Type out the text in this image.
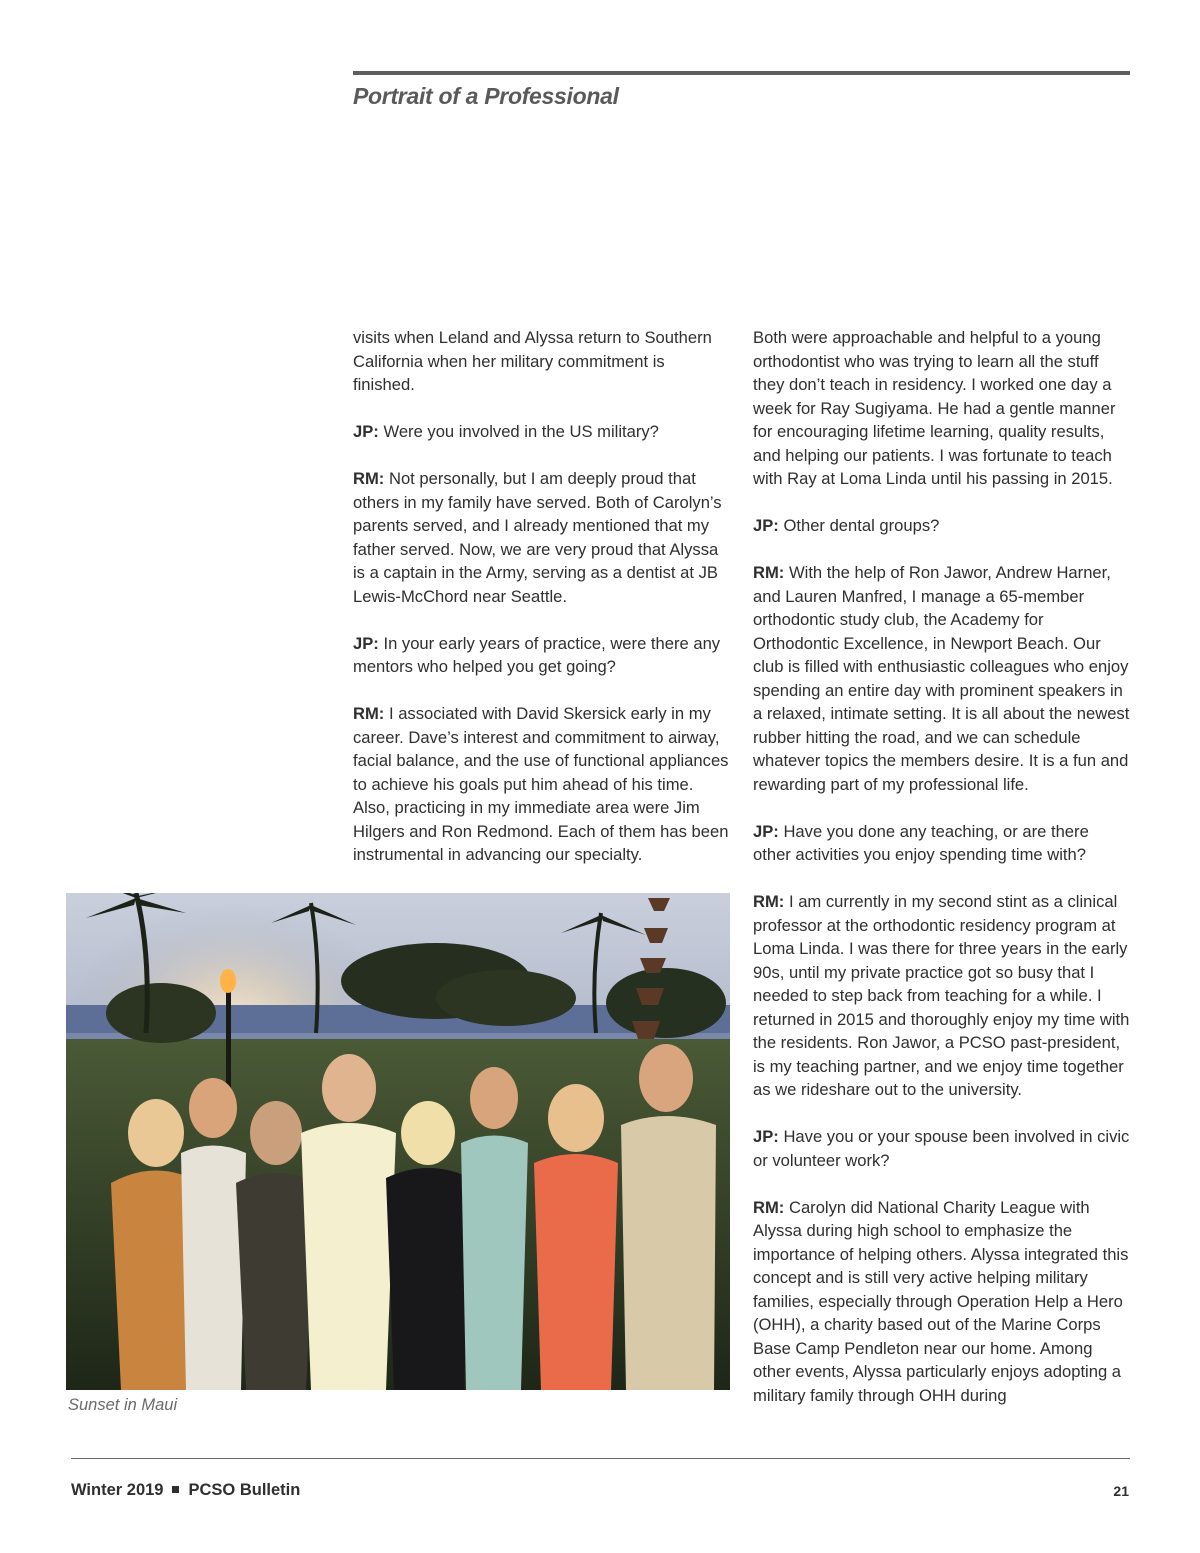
Portrait of a Professional

visits when Leland and Alyssa return to Southern California when her military commitment is finished.

JP: Were you involved in the US military?

RM: Not personally, but I am deeply proud that others in my family have served. Both of Carolyn’s parents served, and I already mentioned that my father served. Now, we are very proud that Alyssa is a captain in the Army, serving as a dentist at JB Lewis-McChord near Seattle.

JP: In your early years of practice, were there any mentors who helped you get going?

RM: I associated with David Skersick early in my career. Dave’s interest and commitment to airway, facial balance, and the use of functional appliances to achieve his goals put him ahead of his time. Also, practicing in my immediate area were Jim Hilgers and Ron Redmond. Each of them has been instrumental in advancing our specialty.

Both were approachable and helpful to a young orthodontist who was trying to learn all the stuff they don’t teach in residency. I worked one day a week for Ray Sugiyama. He had a gentle manner for encouraging lifetime learning, quality results, and helping our patients. I was fortunate to teach with Ray at Loma Linda until his passing in 2015.

JP: Other dental groups?

RM: With the help of Ron Jawor, Andrew Harner, and Lauren Manfred, I manage a 65-member orthodontic study club, the Academy for Orthodontic Excellence, in Newport Beach. Our club is filled with enthusiastic colleagues who enjoy spending an entire day with prominent speakers in a relaxed, intimate setting. It is all about the newest rubber hitting the road, and we can schedule whatever topics the members desire. It is a fun and rewarding part of my professional life.

JP: Have you done any teaching, or are there other activities you enjoy spending time with?

RM: I am currently in my second stint as a clinical professor at the orthodontic residency program at Loma Linda. I was there for three years in the early 90s, until my private practice got so busy that I needed to step back from teaching for a while. I returned in 2015 and thoroughly enjoy my time with the residents. Ron Jawor, a PCSO past-president, is my teaching partner, and we enjoy time together as we rideshare out to the university.

JP: Have you or your spouse been involved in civic or volunteer work?

RM: Carolyn did National Charity League with Alyssa during high school to emphasize the importance of helping others. Alyssa integrated this concept and is still very active helping military families, especially through Operation Help a Hero (OHH), a charity based out of the Marine Corps Base Camp Pendleton near our home. Among other events, Alyssa particularly enjoys adopting a military family through OHH during

Sunset in Maui
Winter 2019 PCSO Bulletin	21
